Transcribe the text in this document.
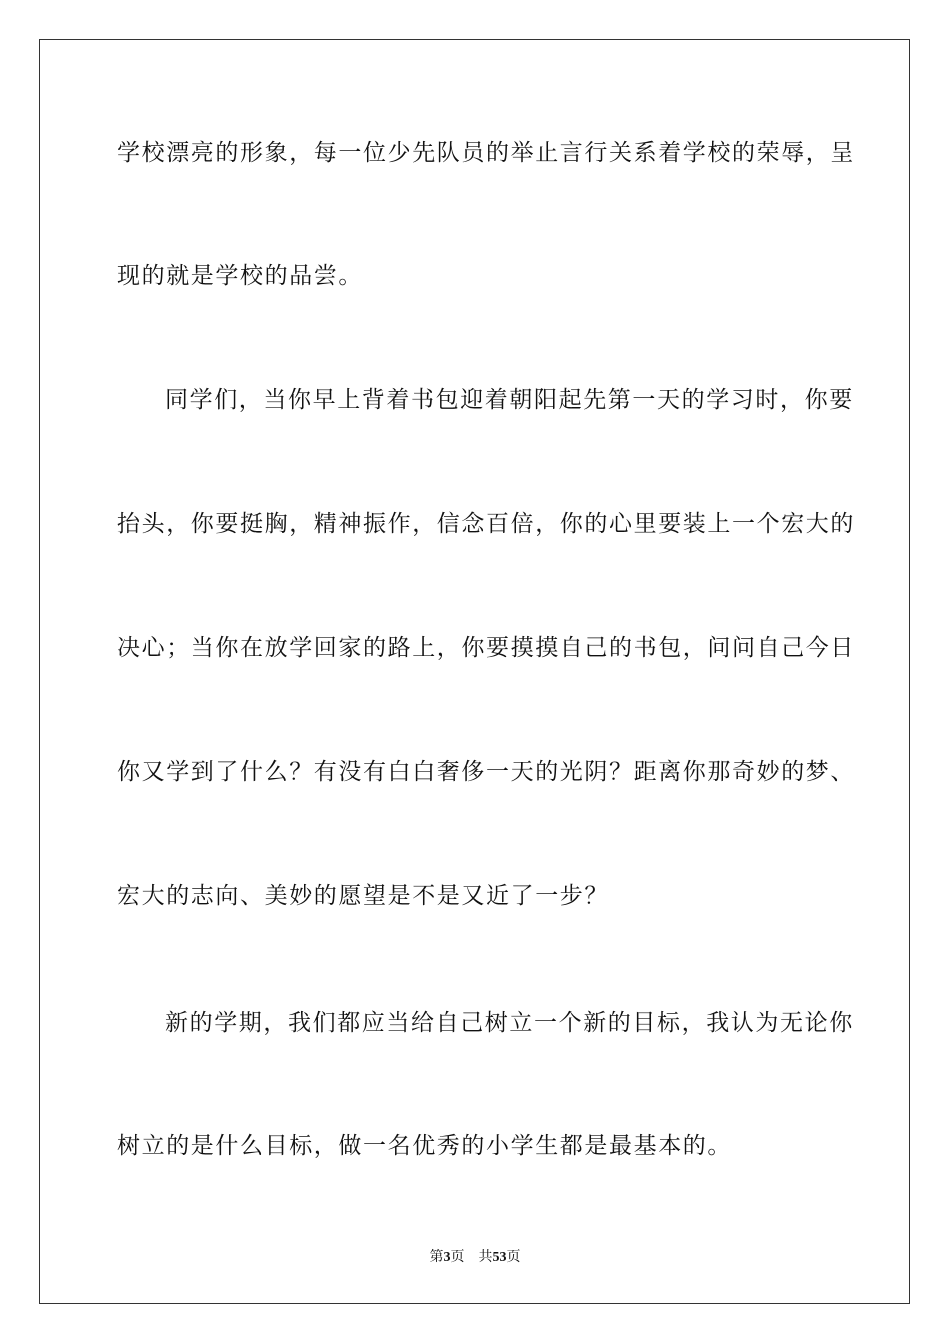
学校漂亮的形象，每一位少先队员的举止言行关系着学校的荣辱，呈
现的就是学校的品尝。
同学们，当你早上背着书包迎着朝阳起先第一天的学习时，你要
抬头，你要挺胸，精神振作，信念百倍，你的心里要装上一个宏大的
决心；当你在放学回家的路上，你要摸摸自己的书包，问问自己今日
你又学到了什么？有没有白白奢侈一天的光阴？距离你那奇妙的梦、
宏大的志向、美妙的愿望是不是又近了一步？
新的学期，我们都应当给自己树立一个新的目标，我认为无论你
树立的是什么目标，做一名优秀的小学生都是最基本的。
第3页 共53页
